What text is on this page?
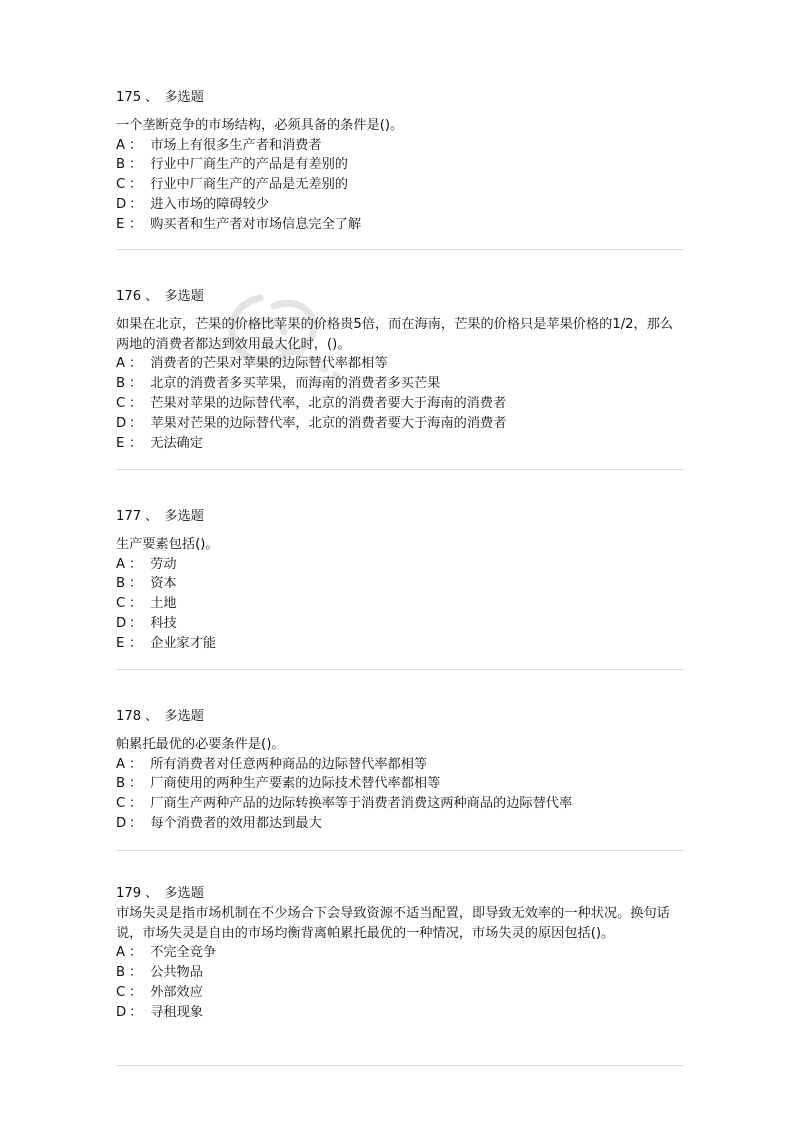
175 、 多选题

一个垄断竞争的市场结构，必须具备的条件是()。

A ： 市场上有很多生产者和消费者
B ： 行业中厂商生产的产品是有差别的
C ： 行业中厂商生产的产品是无差别的
D ： 进入市场的障碍较少
E ： 购买者和生产者对市场信息完全了解

176 、 多选题

如果在北京，芒果的价格比苹果的价格贵5倍，而在海南，芒果的价格只是苹果价格的1/2，那么两地的消费者都达到效用最大化时，()。

A ： 消费者的芒果对苹果的边际替代率都相等
B ： 北京的消费者多买苹果，而海南的消费者多买芒果
C ： 芒果对苹果的边际替代率，北京的消费者要大于海南的消费者
D ： 苹果对芒果的边际替代率，北京的消费者要大于海南的消费者
E ： 无法确定

177 、 多选题

生产要素包括()。

A ： 劳动
B ： 资本
C ： 土地
D ： 科技
E ： 企业家才能

178 、 多选题

帕累托最优的必要条件是()。

A ： 所有消费者对任意两种商品的边际替代率都相等
B ： 厂商使用的两种生产要素的边际技术替代率都相等
C ： 厂商生产两种产品的边际转换率等于消费者消费这两种商品的边际替代率
D ： 每个消费者的效用都达到最大

179 、 多选题

市场失灵是指市场机制在不少场合下会导致资源不适当配置，即导致无效率的一种状况。换句话说，市场失灵是自由的市场均衡背离帕累托最优的一种情况，市场失灵的原因包括()。

A ： 不完全竞争
B ： 公共物品
C ： 外部效应
D ： 寻租现象
